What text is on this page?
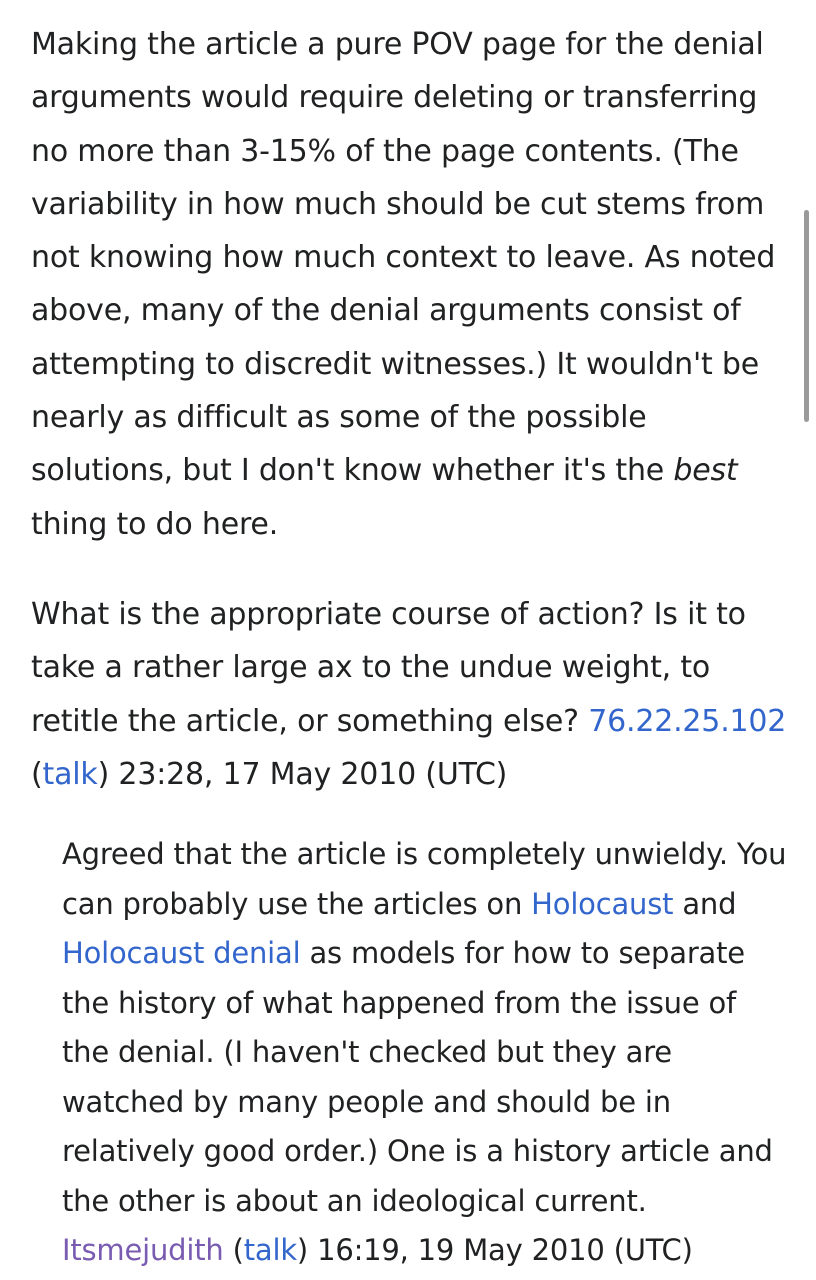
Making the article a pure POV page for the denial arguments would require deleting or transferring no more than 3-15% of the page contents. (The variability in how much should be cut stems from not knowing how much context to leave. As noted above, many of the denial arguments consist of attempting to discredit witnesses.) It wouldn't be nearly as difficult as some of the possible solutions, but I don't know whether it's the best thing to do here.

What is the appropriate course of action? Is it to take a rather large ax to the undue weight, to retitle the article, or something else? 76.22.25.102 (talk) 23:28, 17 May 2010 (UTC)

Agreed that the article is completely unwieldy. You can probably use the articles on Holocaust and Holocaust denial as models for how to separate the history of what happened from the issue of the denial. (I haven't checked but they are watched by many people and should be in relatively good order.) One is a history article and the other is about an ideological current. Itsmejudith (talk) 16:19, 19 May 2010 (UTC)
